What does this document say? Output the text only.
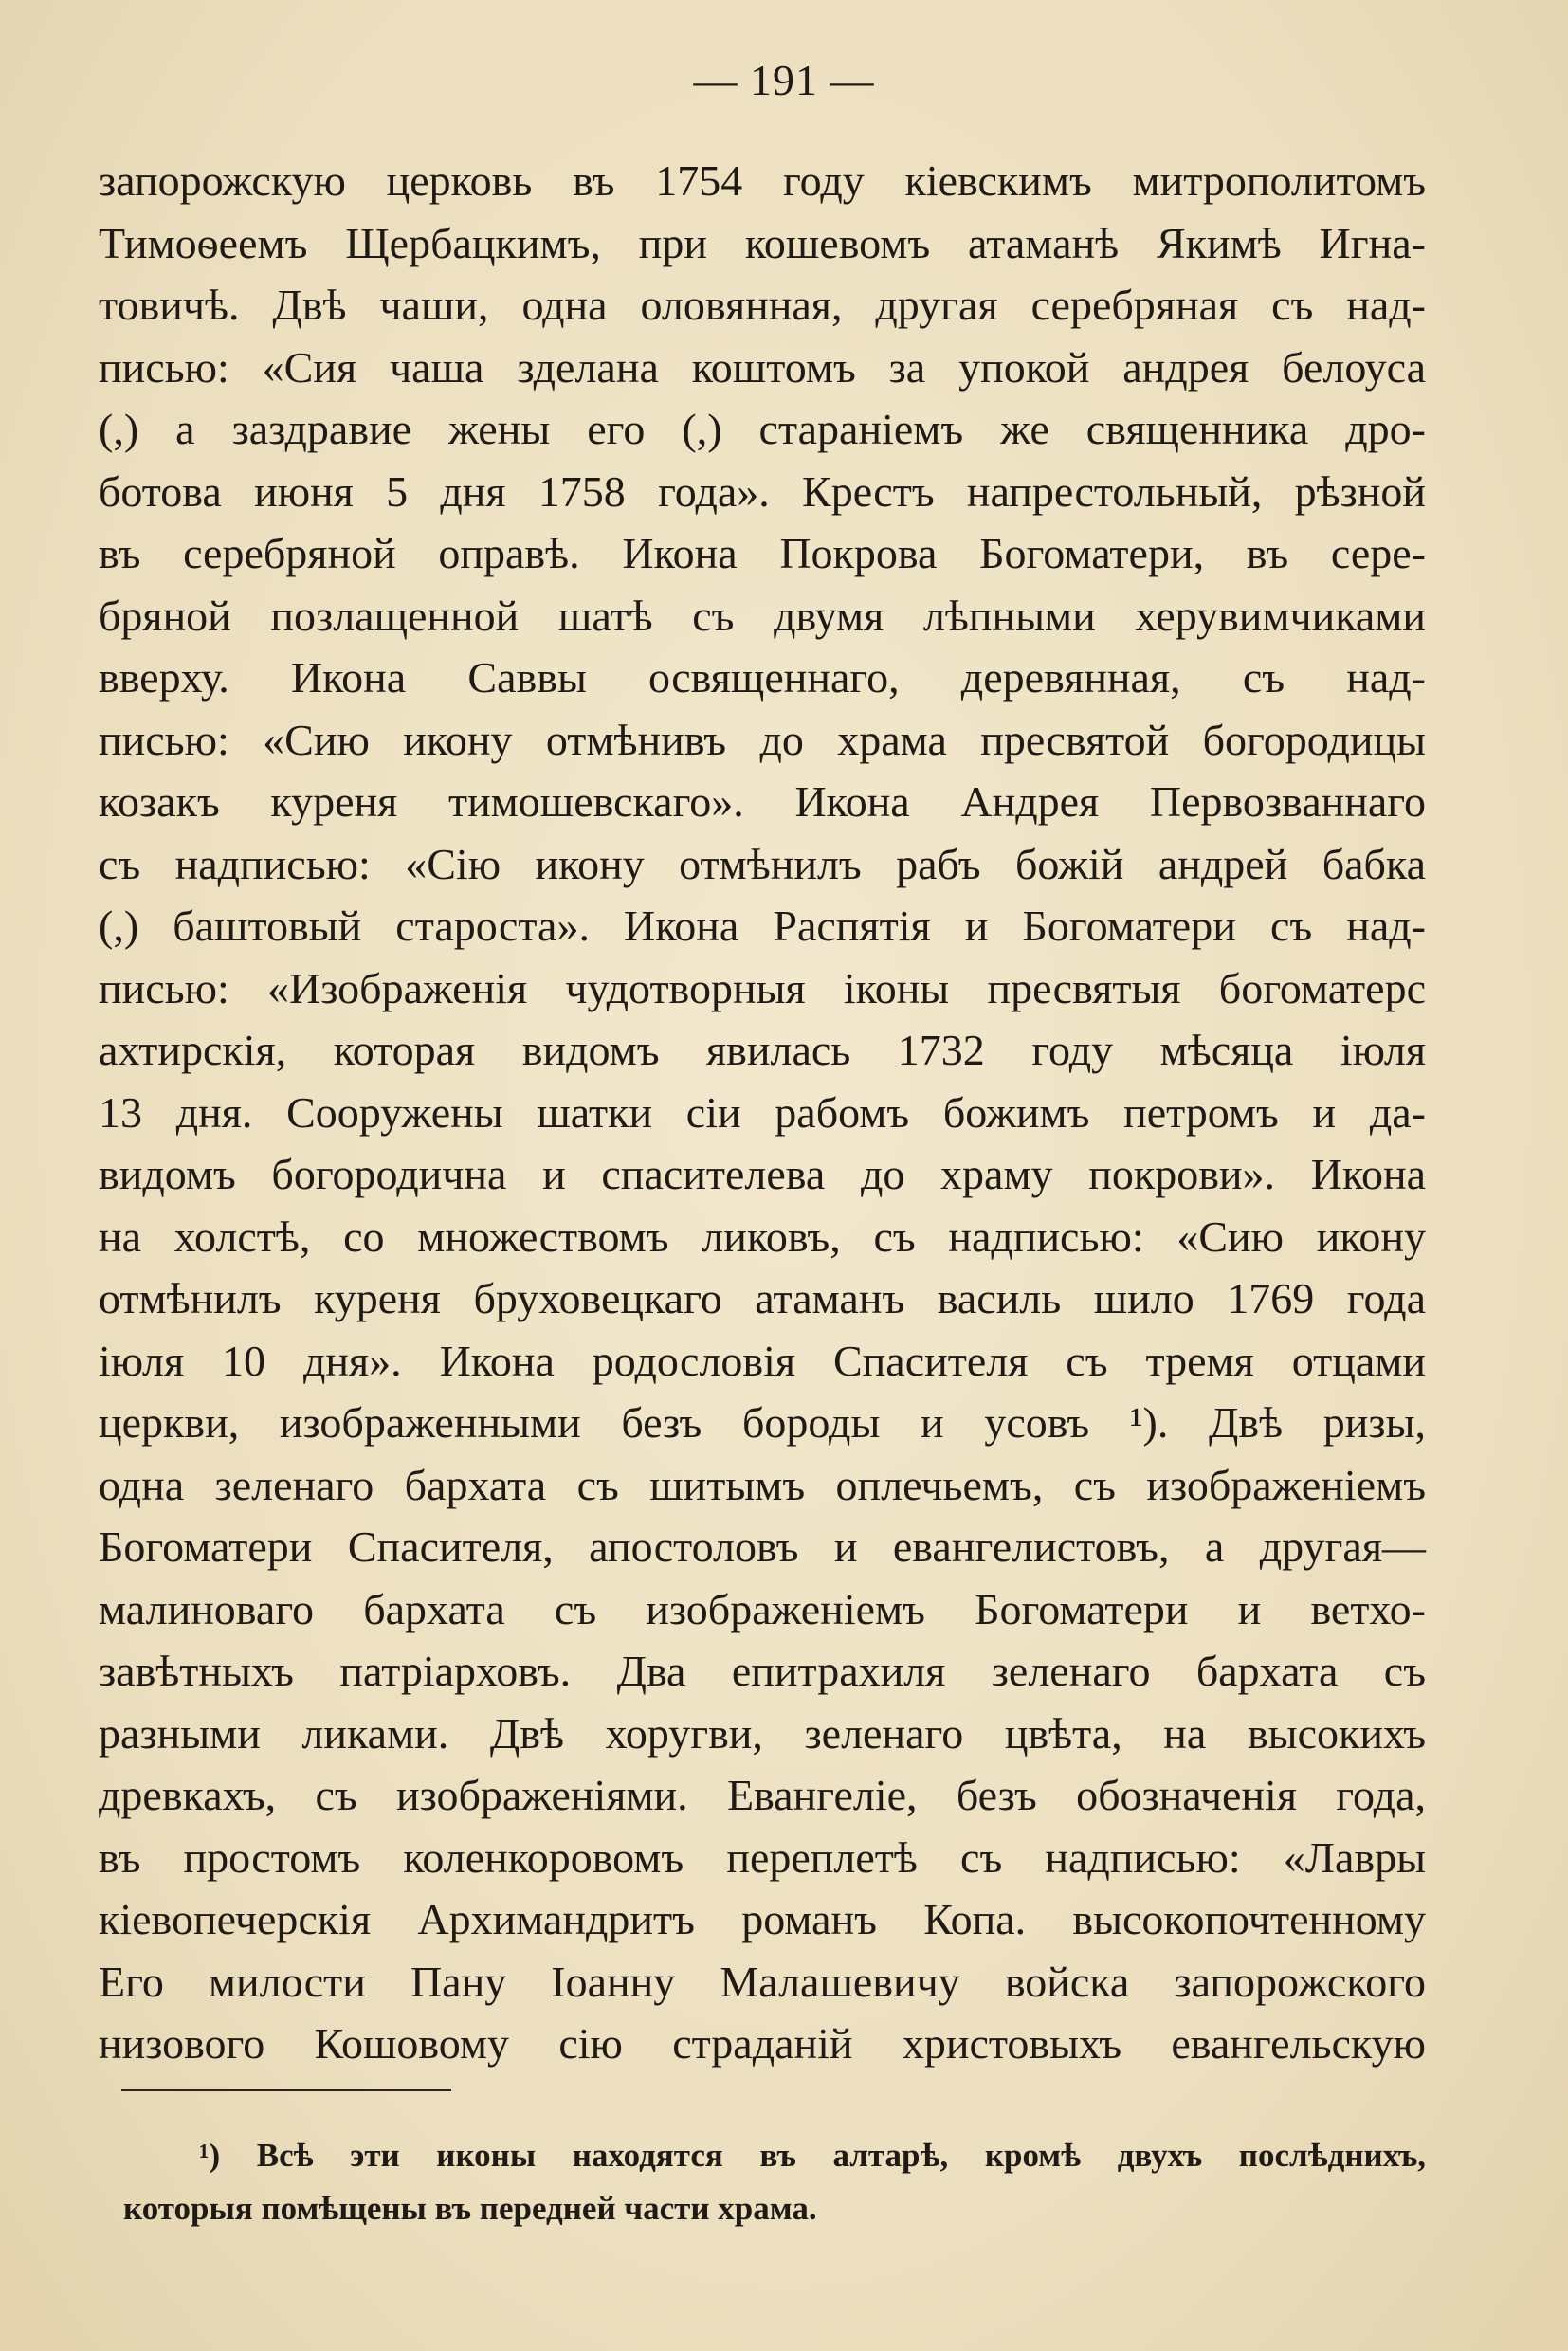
— 191 —
запорожскую церковь въ 1754 году кіевскимъ митрополитомъ
Тимоѳеемъ Щербацкимъ, при кошевомъ атаманѣ Якимѣ Игна-
товичѣ. Двѣ чаши, одна оловянная, другая серебряная съ над-
писью: «Сия чаша зделана коштомъ за упокой андрея белоуса
(,) а заздравие жены его (,) стараніемъ же священника дро-
ботова июня 5 дня 1758 года». Крестъ напрестольный, рѣзной
въ серебряной оправѣ. Икона Покрова Богоматери, въ сере-
бряной позлащенной шатѣ съ двумя лѣпными херувимчиками
вверху. Икона Саввы освященнаго, деревянная, съ над-
писью: «Сию икону отмѣнивъ до храма пресвятой богородицы
козакъ куреня тимошевскаго». Икона Андрея Первозваннаго
съ надписью: «Сію икону отмѣнилъ рабъ божій андрей бабка
(,) баштовый староста». Икона Распятія и Богоматери съ над-
писью: «Изображенія чудотворныя іконы пресвятыя богоматерс
ахтирскія, которая видомъ явилась 1732 году мѣсяца іюля
13 дня. Сооружены шатки сіи рабомъ божимъ петромъ и да-
видомъ богородична и спасителева до храму покрови». Икона
на холстѣ, со множествомъ ликовъ, съ надписью: «Сию икону
отмѣнилъ куреня бруховецкаго атаманъ василь шило 1769 года
іюля 10 дня». Икона родословія Спасителя съ тремя отцами
церкви, изображенными безъ бороды и усовъ ¹). Двѣ ризы,
одна зеленаго бархата съ шитымъ оплечьемъ, съ изображеніемъ
Богоматери Спасителя, апостоловъ и евангелистовъ, а другая—
малиноваго бархата съ изображеніемъ Богоматери и ветхо-
завѣтныхъ патріарховъ. Два епитрахиля зеленаго бархата съ
разными ликами. Двѣ хоругви, зеленаго цвѣта, на высокихъ
древкахъ, съ изображеніями. Евангеліе, безъ обозначенія года,
въ простомъ коленкоровомъ переплетѣ съ надписью: «Лавры
кіевопечерскія Архимандритъ романъ Копа. высокопочтенному
Его милости Пану Іоанну Малашевичу войска запорожского
низового Кошовому сію страданій христовыхъ евангельскую
¹) Всѣ эти иконы находятся въ алтарѣ, кромѣ двухъ послѣднихъ,
которыя помѣщены въ передней части храма.
